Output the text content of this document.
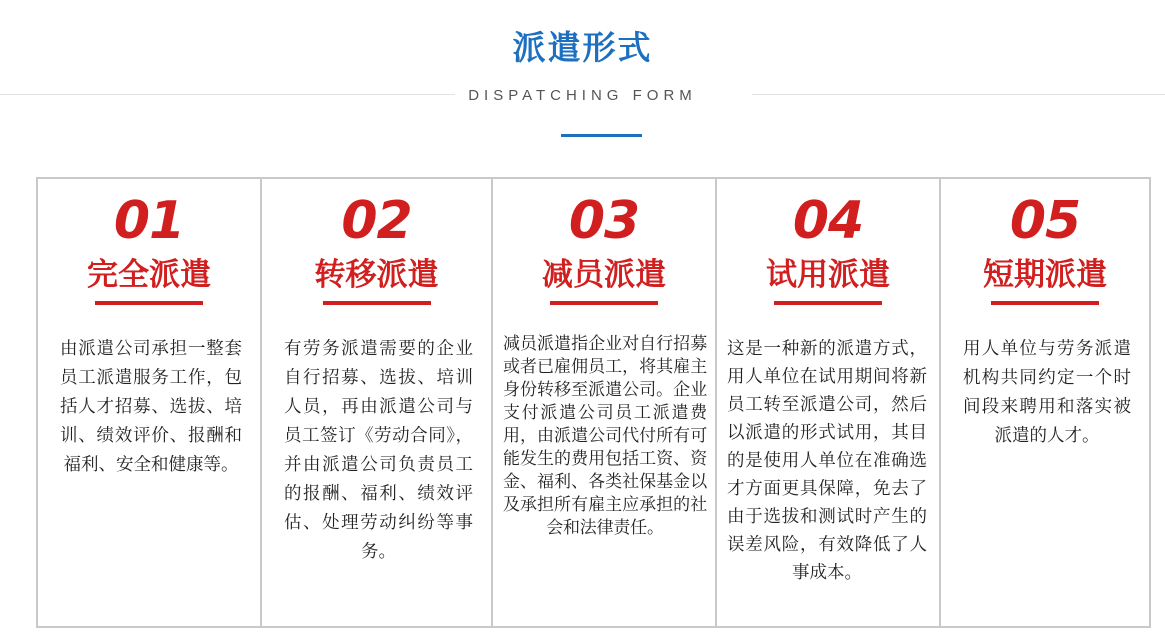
派遣形式
DISPATCHING FORM
01
完全派遣
由派遣公司承担一整套员工派遣服务工作，包括人才招募、选拔、培训、绩效评价、报酬和福利、安全和健康等。
02
转移派遣
有劳务派遣需要的企业自行招募、选拔、培训人员，再由派遣公司与员工签订《劳动合同》，并由派遣公司负责员工的报酬、福利、绩效评估、处理劳动纠纷等事务。
03
减员派遣
减员派遣指企业对自行招募或者已雇佣员工，将其雇主身份转移至派遣公司。企业支付派遣公司员工派遣费用，由派遣公司代付所有可能发生的费用包括工资、资金、福利、各类社保基金以及承担所有雇主应承担的社会和法律责任。
04
试用派遣
这是一种新的派遣方式，用人单位在试用期间将新员工转至派遣公司，然后以派遣的形式试用，其目的是使用人单位在准确选才方面更具保障，免去了由于选拔和测试时产生的误差风险，有效降低了人事成本。
05
短期派遣
用人单位与劳务派遣机构共同约定一个时间段来聘用和落实被派遣的人才。
